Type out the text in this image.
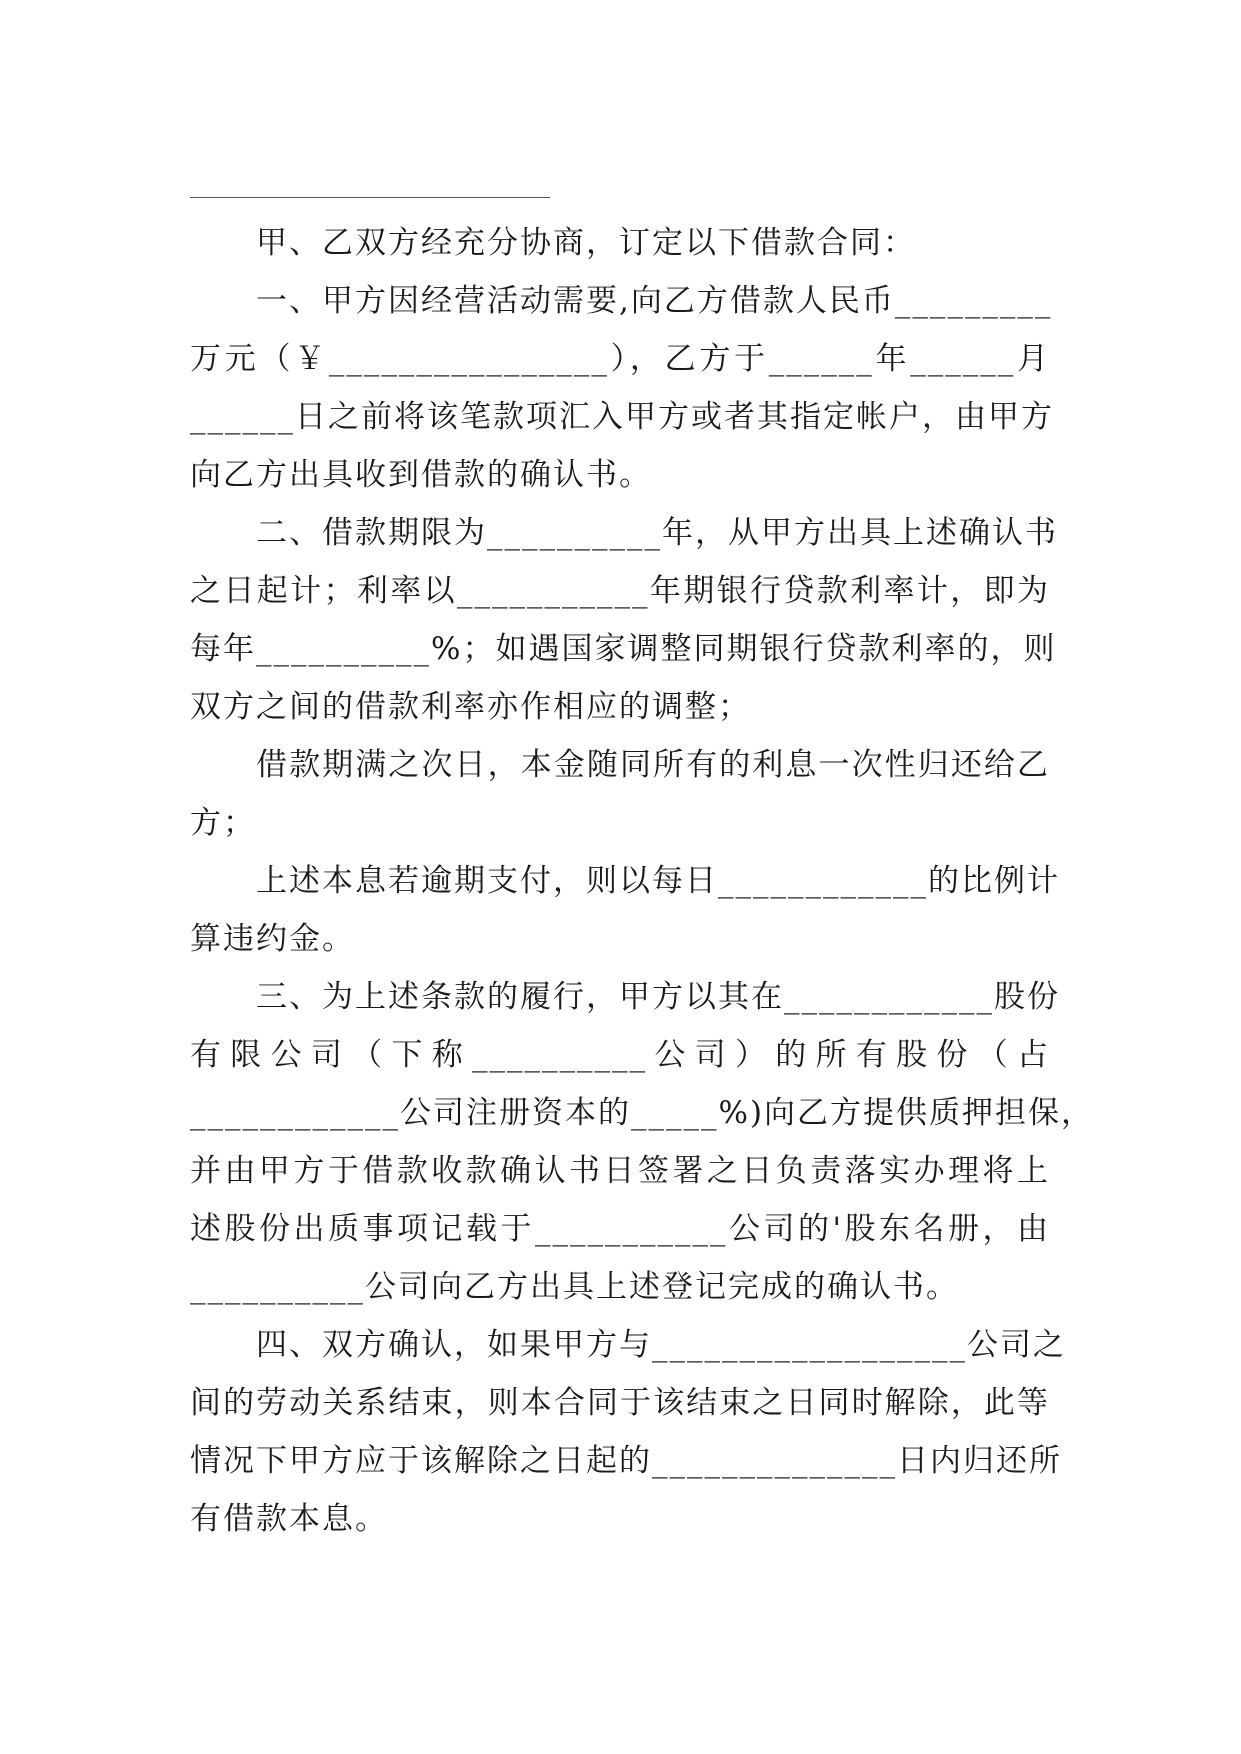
甲、乙双方经充分协商，订定以下借款合同：
一、甲方因经营活动需要,向乙方借款人民币_________
万元（￥________________），乙方于______年______月
______日之前将该笔款项汇入甲方或者其指定帐户，由甲方
向乙方出具收到借款的确认书。
二、借款期限为__________年，从甲方出具上述确认书
之日起计；利率以___________年期银行贷款利率计，即为
每年__________%；如遇国家调整同期银行贷款利率的，则
双方之间的借款利率亦作相应的调整；
借款期满之次日，本金随同所有的利息一次性归还给乙
方；
上述本息若逾期支付，则以每日____________的比例计
算违约金。
三、为上述条款的履行，甲方以其在____________股份
有限公司（下称__________公司）的所有股份（占
____________公司注册资本的_____%)向乙方提供质押担保，
并由甲方于借款收款确认书日签署之日负责落实办理将上
述股份出质事项记载于___________公司的'股东名册，由
__________公司向乙方出具上述登记完成的确认书。
四、双方确认，如果甲方与__________________公司之
间的劳动关系结束，则本合同于该结束之日同时解除，此等
情况下甲方应于该解除之日起的______________日内归还所
有借款本息。
